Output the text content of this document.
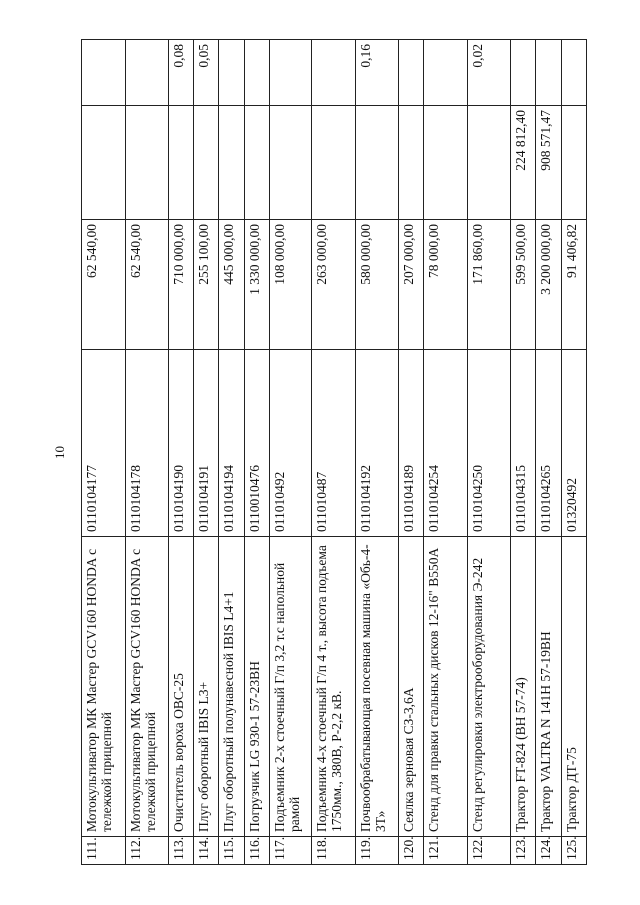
10
111.	Мотокультиватор МК Мастер GCV160 HONDA с тележкой прицепной	0110104177	62 540,00		
112.	Мотокультиватор МК Мастер GCV160 HONDA с тележкой прицепной	0110104178	62 540,00		
113.	Очиститель вороха ОВС-25	0110104190	710 000,00		0,08
114.	Плуг оборотный IBIS L3+	0110104191	255 100,00		0,05
115.	Плуг оборотный полунавесной IBIS L4+1	0110104194	445 000,00		
116.	Погрузчик LG 930-1 57-23ВН	0110010476	1 330 000,00		
117.	Подъемник 2-х стоечный Г/п 3,2 т.с напольной рамой	011010492	108 000,00		
118.	Подъемник 4-х стоечный Г/п 4 т., высота подъема 1750мм., 380В, Р-2,2 кВ.	011010487	263 000,00		
119.	Почвообрабатывающая посевная машина «Обь-4-3Т»	0110104192	580 000,00		0,16
120.	Сеялка зерновая СЗ-3,6А	0110104189	207 000,00		
121.	Стенд для правки стальных дисков 12-16" B550A	0110104254	78 000,00		
122.	Стенд регулировки электрооборудования Э-242	0110104250	171 860,00		0,02
123.	Трактор FT-824 (ВН 57-74)	0110104315	599 500,00	224 812,40	
124.	Трактор VALTRA N 141H 57-19ВН	0110104265	3 200 000,00	908 571,47	
125.	Трактор ДТ-75	01320492	91 406,82		
